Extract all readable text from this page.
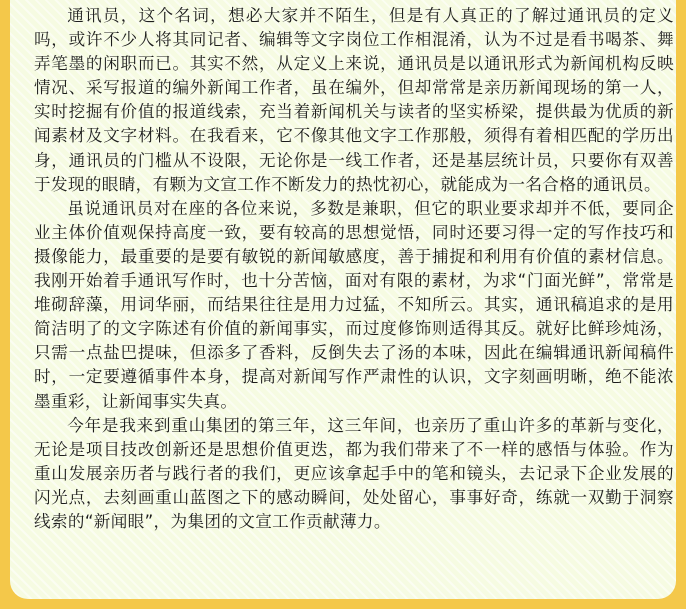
通讯员，这个名词，想必大家并不陌生，但是有人真正的了解过通讯员的定义吗，或许不少人将其同记者、编辑等文字岗位工作相混淆，认为不过是看书喝茶、舞弄笔墨的闲职而已。其实不然，从定义上来说，通讯员是以通讯形式为新闻机构反映情况、采写报道的编外新闻工作者，虽在编外，但却常常是亲历新闻现场的第一人，实时挖掘有价值的报道线索，充当着新闻机关与读者的坚实桥梁，提供最为优质的新闻素材及文字材料。在我看来，它不像其他文字工作那般，须得有着相匹配的学历出身，通讯员的门槛从不设限，无论你是一线工作者，还是基层统计员，只要你有双善于发现的眼睛，有颗为文宣工作不断发力的热忱初心，就能成为一名合格的通讯员。

虽说通讯员对在座的各位来说，多数是兼职，但它的职业要求却并不低，要同企业主体价值观保持高度一致，要有较高的思想觉悟，同时还要习得一定的写作技巧和摄像能力，最重要的是要有敏锐的新闻敏感度，善于捕捉和利用有价值的素材信息。我刚开始着手通讯写作时，也十分苦恼，面对有限的素材，为求“门面光鲜”，常常是堆砌辞藻，用词华丽，而结果往往是用力过猛，不知所云。其实，通讯稿追求的是用简洁明了的文字陈述有价值的新闻事实，而过度修饰则适得其反。就好比鲜珍炖汤，只需一点盐巴提味，但添多了香料，反倒失去了汤的本味，因此在编辑通讯新闻稿件时，一定要遵循事件本身，提高对新闻写作严肃性的认识，文字刻画明晰，绝不能浓墨重彩，让新闻事实失真。

今年是我来到重山集团的第三年，这三年间，也亲历了重山许多的革新与变化，无论是项目技改创新还是思想价值更迭，都为我们带来了不一样的感悟与体验。作为重山发展亲历者与践行者的我们，更应该拿起手中的笔和镜头，去记录下企业发展的闪光点，去刻画重山蓝图之下的感动瞬间，处处留心，事事好奇，练就一双勤于洞察线索的“新闻眼”，为集团的文宣工作贡献薄力。
